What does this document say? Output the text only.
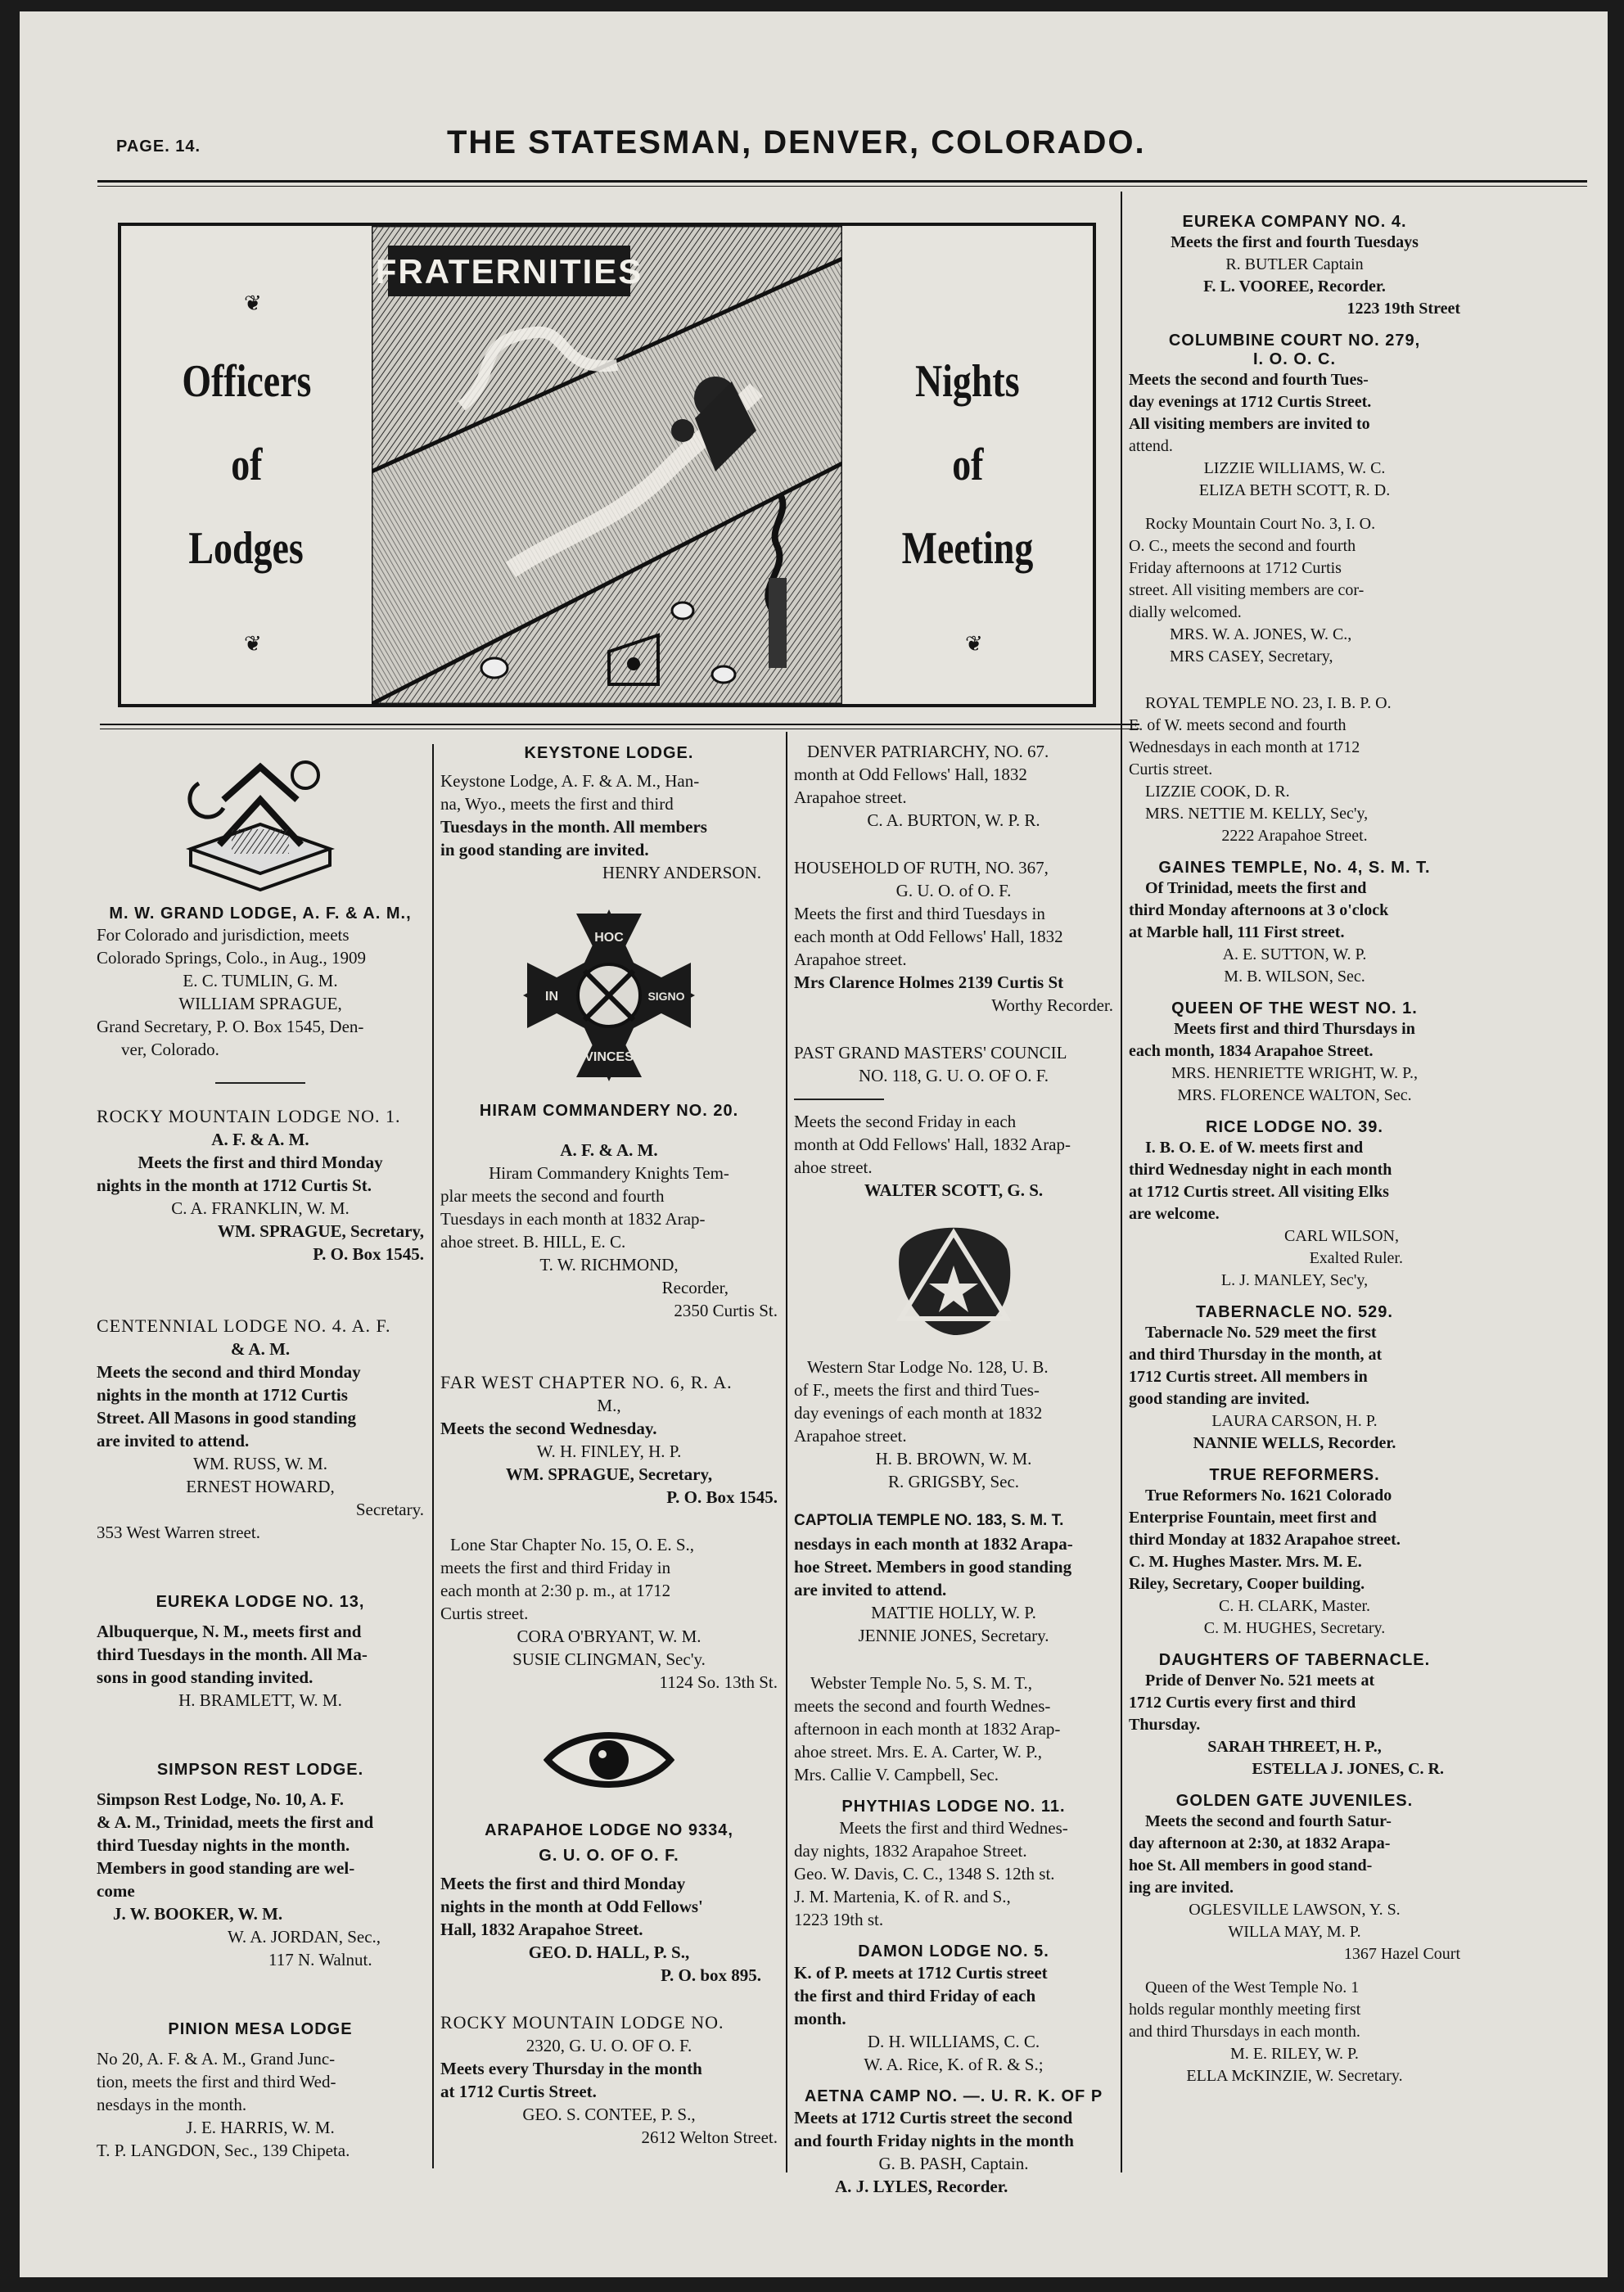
PAGE. 14.	THE STATESMAN, DENVER, COLORADO.
❦
Officers
of
Lodges
❦
FRATERNITIES
Nights
of
Meeting
❦

M. W. GRAND LODGE, A. F. & A. M.,

For Colorado and jurisdiction, meets

Colorado Springs, Colo., in Aug., 1909

E. C. TUMLIN, G. M.

WILLIAM SPRAGUE,

Grand Secretary, P. O. Box 1545, Den-

ver, Colorado.

ROCKY MOUNTAIN LODGE NO. 1.

A. F. & A. M.

Meets the first and third Monday

nights in the month at 1712 Curtis St.

C. A. FRANKLIN, W. M.

WM. SPRAGUE, Secretary,

P. O. Box 1545.

CENTENNIAL LODGE NO. 4. A. F.

& A. M.

Meets the second and third Monday

nights in the month at 1712 Curtis

Street. All Masons in good standing

are invited to attend.

WM. RUSS, W. M.

ERNEST HOWARD,

Secretary.

353 West Warren street.

EUREKA LODGE NO. 13,

Albuquerque, N. M., meets first and

third Tuesdays in the month. All Ma-

sons in good standing invited.

H. BRAMLETT, W. M.

SIMPSON REST LODGE.

Simpson Rest Lodge, No. 10, A. F.

& A. M., Trinidad, meets the first and

third Tuesday nights in the month.

Members in good standing are wel-

come

J. W. BOOKER, W. M.

W. A. JORDAN, Sec.,

117 N. Walnut.

PINION MESA LODGE

No 20, A. F. & A. M., Grand Junc-

tion, meets the first and third Wed-

nesdays in the month.

J. E. HARRIS, W. M.

T. P. LANGDON, Sec., 139 Chipeta.

KEYSTONE LODGE.

Keystone Lodge, A. F. & A. M., Han-

na, Wyo., meets the first and third

Tuesdays in the month. All members

in good standing are invited.

HENRY ANDERSON.

HOC
IN	SIGNO
VINCES

HIRAM COMMANDERY NO. 20.

A. F. & A. M.

Hiram Commandery Knights Tem-

plar meets the second and fourth

Tuesdays in each month at 1832 Arap-

ahoe street. B. HILL, E. C.

T. W. RICHMOND,

Recorder,

2350 Curtis St.

FAR WEST CHAPTER NO. 6, R. A.

M.,

Meets the second Wednesday.

W. H. FINLEY, H. P.

WM. SPRAGUE, Secretary,

P. O. Box 1545.

Lone Star Chapter No. 15, O. E. S.,

meets the first and third Friday in

each month at 2:30 p. m., at 1712

Curtis street.

CORA O'BRYANT, W. M.

SUSIE CLINGMAN, Sec'y.

1124 So. 13th St.

ARAPAHOE LODGE NO 9334,

G. U. O. OF O. F.

Meets the first and third Monday

nights in the month at Odd Fellows'

Hall, 1832 Arapahoe Street.

GEO. D. HALL, P. S.,

P. O. box 895.

ROCKY MOUNTAIN LODGE NO.

2320, G. U. O. OF O. F.

Meets every Thursday in the month

at 1712 Curtis Street.

GEO. S. CONTEE, P. S.,

2612 Welton Street.

DENVER PATRIARCHY, NO. 67.

month at Odd Fellows' Hall, 1832

Arapahoe street.

C. A. BURTON, W. P. R.

HOUSEHOLD OF RUTH, NO. 367,

G. U. O. of O. F.

Meets the first and third Tuesdays in

each month at Odd Fellows' Hall, 1832

Arapahoe street.

Mrs Clarence Holmes 2139 Curtis St

Worthy Recorder.

PAST GRAND MASTERS' COUNCIL

NO. 118, G. U. O. OF O. F.

Meets the second Friday in each

month at Odd Fellows' Hall, 1832 Arap-

ahoe street.

WALTER SCOTT, G. S.

Western Star Lodge No. 128, U. B.

of F., meets the first and third Tues-

day evenings of each month at 1832

Arapahoe street.

H. B. BROWN, W. M.

R. GRIGSBY, Sec.

CAPTOLIA TEMPLE NO. 183, S. M. T.

nesdays in each month at 1832 Arapa-

hoe Street. Members in good standing

are invited to attend.

MATTIE HOLLY, W. P.

JENNIE JONES, Secretary.

Webster Temple No. 5, S. M. T.,

meets the second and fourth Wednes-

afternoon in each month at 1832 Arap-

ahoe street. Mrs. E. A. Carter, W. P.,

Mrs. Callie V. Campbell, Sec.

PHYTHIAS LODGE NO. 11.

Meets the first and third Wednes-

day nights, 1832 Arapahoe Street.

Geo. W. Davis, C. C., 1348 S. 12th st.

J. M. Martenia, K. of R. and S.,

1223 19th st.

DAMON LODGE NO. 5.

K. of P. meets at 1712 Curtis street

the first and third Friday of each

month.

D. H. WILLIAMS, C. C.

W. A. Rice, K. of R. & S.;

AETNA CAMP NO. —. U. R. K. OF P

Meets at 1712 Curtis street the second

and fourth Friday nights in the month

G. B. PASH, Captain.

A. J. LYLES, Recorder.

EUREKA COMPANY NO. 4.

Meets the first and fourth Tuesdays

R. BUTLER Captain

F. L. VOOREE, Recorder.

1223 19th Street

COLUMBINE COURT NO. 279,

I. O. O. C.

Meets the second and fourth Tues-

day evenings at 1712 Curtis Street.

All visiting members are invited to

attend.

LIZZIE WILLIAMS, W. C.

ELIZA BETH SCOTT, R. D.

Rocky Mountain Court No. 3, I. O.

O. C., meets the second and fourth

Friday afternoons at 1712 Curtis

street. All visiting members are cor-

dially welcomed.

MRS. W. A. JONES, W. C.,

MRS CASEY, Secretary,

ROYAL TEMPLE NO. 23, I. B. P. O.

E. of W. meets second and fourth

Wednesdays in each month at 1712

Curtis street.

LIZZIE COOK, D. R.

MRS. NETTIE M. KELLY, Sec'y,

2222 Arapahoe Street.

GAINES TEMPLE, No. 4, S. M. T.

Of Trinidad, meets the first and

third Monday afternoons at 3 o'clock

at Marble hall, 111 First street.

A. E. SUTTON, W. P.

M. B. WILSON, Sec.

QUEEN OF THE WEST NO. 1.

Meets first and third Thursdays in

each month, 1834 Arapahoe Street.

MRS. HENRIETTE WRIGHT, W. P.,

MRS. FLORENCE WALTON, Sec.

RICE LODGE NO. 39.

I. B. O. E. of W. meets first and

third Wednesday night in each month

at 1712 Curtis street. All visiting Elks

are welcome.

CARL WILSON,

Exalted Ruler.

L. J. MANLEY, Sec'y,

TABERNACLE NO. 529.

Tabernacle No. 529 meet the first

and third Thursday in the month, at

1712 Curtis street. All members in

good standing are invited.

LAURA CARSON, H. P.

NANNIE WELLS, Recorder.

TRUE REFORMERS.

True Reformers No. 1621 Colorado

Enterprise Fountain, meet first and

third Monday at 1832 Arapahoe street.

C. M. Hughes Master. Mrs. M. E.

Riley, Secretary, Cooper building.

C. H. CLARK, Master.

C. M. HUGHES, Secretary.

DAUGHTERS OF TABERNACLE.

Pride of Denver No. 521 meets at

1712 Curtis every first and third

Thursday.

SARAH THREET, H. P.,

ESTELLA J. JONES, C. R.

GOLDEN GATE JUVENILES.

Meets the second and fourth Satur-

day afternoon at 2:30, at 1832 Arapa-

hoe St. All members in good stand-

ing are invited.

OGLESVILLE LAWSON, Y. S.

WILLA MAY, M. P.

1367 Hazel Court

Queen of the West Temple No. 1

holds regular monthly meeting first

and third Thursdays in each month.

M. E. RILEY, W. P.

ELLA McKINZIE, W. Secretary.
